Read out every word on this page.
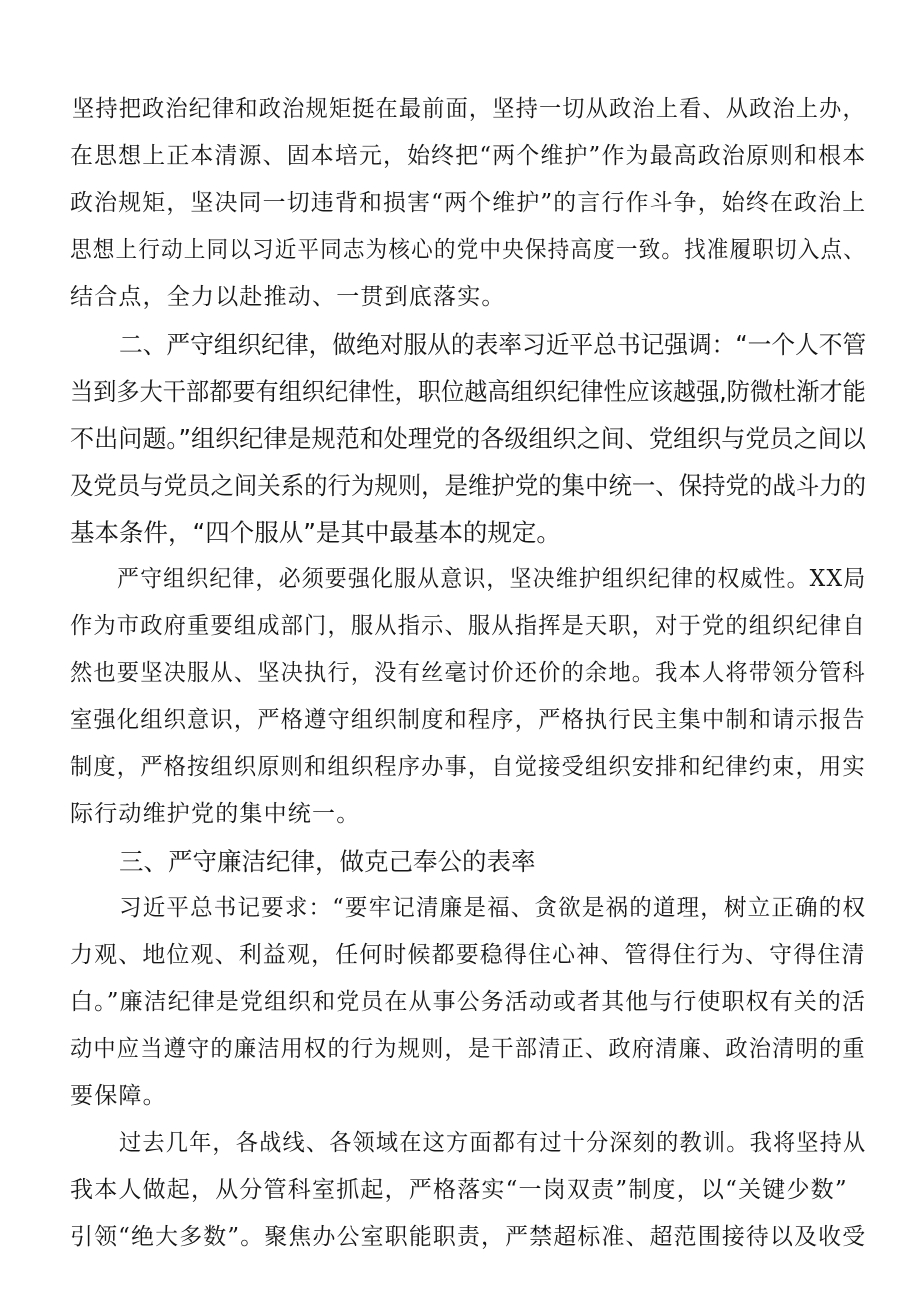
坚持把政治纪律和政治规矩挺在最前面，坚持一切从政治上看、从政治上办，
在思想上正本清源、固本培元，始终把“两个维护”作为最高政治原则和根本
政治规矩，坚决同一切违背和损害“两个维护”的言行作斗争，始终在政治上
思想上行动上同以习近平同志为核心的党中央保持高度一致。找准履职切入点、
结合点，全力以赴推动、一贯到底落实。
二、严守组织纪律，做绝对服从的表率习近平总书记强调：“一个人不管
当到多大干部都要有组织纪律性，职位越高组织纪律性应该越强,防微杜渐才能
不出问题。”组织纪律是规范和处理党的各级组织之间、党组织与党员之间以
及党员与党员之间关系的行为规则，是维护党的集中统一、保持党的战斗力的
基本条件，“四个服从”是其中最基本的规定。
严守组织纪律，必须要强化服从意识，坚决维护组织纪律的权威性。XX局
作为市政府重要组成部门，服从指示、服从指挥是天职，对于党的组织纪律自
然也要坚决服从、坚决执行，没有丝毫讨价还价的余地。我本人将带领分管科
室强化组织意识，严格遵守组织制度和程序，严格执行民主集中制和请示报告
制度，严格按组织原则和组织程序办事，自觉接受组织安排和纪律约束，用实
际行动维护党的集中统一。
三、严守廉洁纪律，做克己奉公的表率
习近平总书记要求：“要牢记清廉是福、贪欲是祸的道理，树立正确的权
力观、地位观、利益观，任何时候都要稳得住心神、管得住行为、守得住清
白。”廉洁纪律是党组织和党员在从事公务活动或者其他与行使职权有关的活
动中应当遵守的廉洁用权的行为规则，是干部清正、政府清廉、政治清明的重
要保障。
过去几年，各战线、各领域在这方面都有过十分深刻的教训。我将坚持从
我本人做起，从分管科室抓起，严格落实“一岗双责”制度，以“关键少数”
引领“绝大多数”。聚焦办公室职能职责，严禁超标准、超范围接待以及收受
